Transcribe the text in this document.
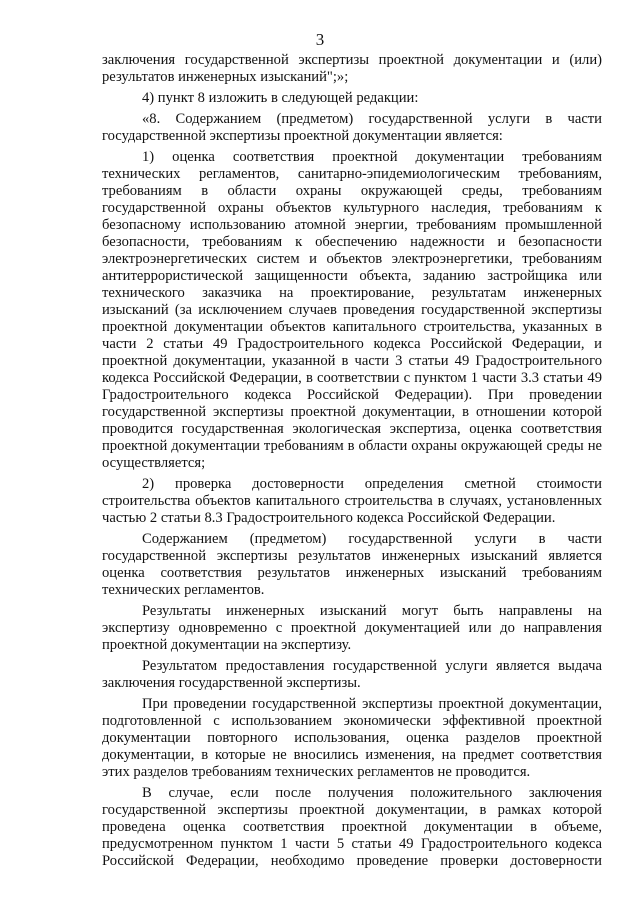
3

заключения государственной экспертизы проектной документации и (или) результатов инженерных изысканий";»;

4) пункт 8 изложить в следующей редакции:

«8. Содержанием (предметом) государственной услуги в части государственной экспертизы проектной документации является:

1) оценка соответствия проектной документации требованиям технических регламентов, санитарно-эпидемиологическим требованиям, требованиям в области охраны окружающей среды, требованиям государственной охраны объектов культурного наследия, требованиям к безопасному использованию атомной энергии, требованиям промышленной безопасности, требованиям к обеспечению надежности и безопасности электроэнергетических систем и объектов электроэнергетики, требованиям антитеррористической защищенности объекта, заданию застройщика или технического заказчика на проектирование, результатам инженерных изысканий (за исключением случаев проведения государственной экспертизы проектной документации объектов капитального строительства, указанных в части 2 статьи 49 Градостроительного кодекса Российской Федерации, и проектной документации, указанной в части 3 статьи 49 Градостроительного кодекса Российской Федерации, в соответствии с пунктом 1 части 3.3 статьи 49 Градостроительного кодекса Российской Федерации). При проведении государственной экспертизы проектной документации, в отношении которой проводится государственная экологическая экспертиза, оценка соответствия проектной документации требованиям в области охраны окружающей среды не осуществляется;

2) проверка достоверности определения сметной стоимости строительства объектов капитального строительства в случаях, установленных частью 2 статьи 8.3 Градостроительного кодекса Российской Федерации.

Содержанием (предметом) государственной услуги в части государственной экспертизы результатов инженерных изысканий является оценка соответствия результатов инженерных изысканий требованиям технических регламентов.

Результаты инженерных изысканий могут быть направлены на экспертизу одновременно с проектной документацией или до направления проектной документации на экспертизу.

Результатом предоставления государственной услуги является выдача заключения государственной экспертизы.

При проведении государственной экспертизы проектной документации, подготовленной с использованием экономически эффективной проектной документации повторного использования, оценка разделов проектной документации, в которые не вносились изменения, на предмет соответствия этих разделов требованиям технических регламентов не проводится.

В случае, если после получения положительного заключения государственной экспертизы проектной документации, в рамках которой проведена оценка соответствия проектной документации в объеме, предусмотренном пунктом 1 части 5 статьи 49 Градостроительного кодекса Российской Федерации, необходимо проведение проверки достоверности
